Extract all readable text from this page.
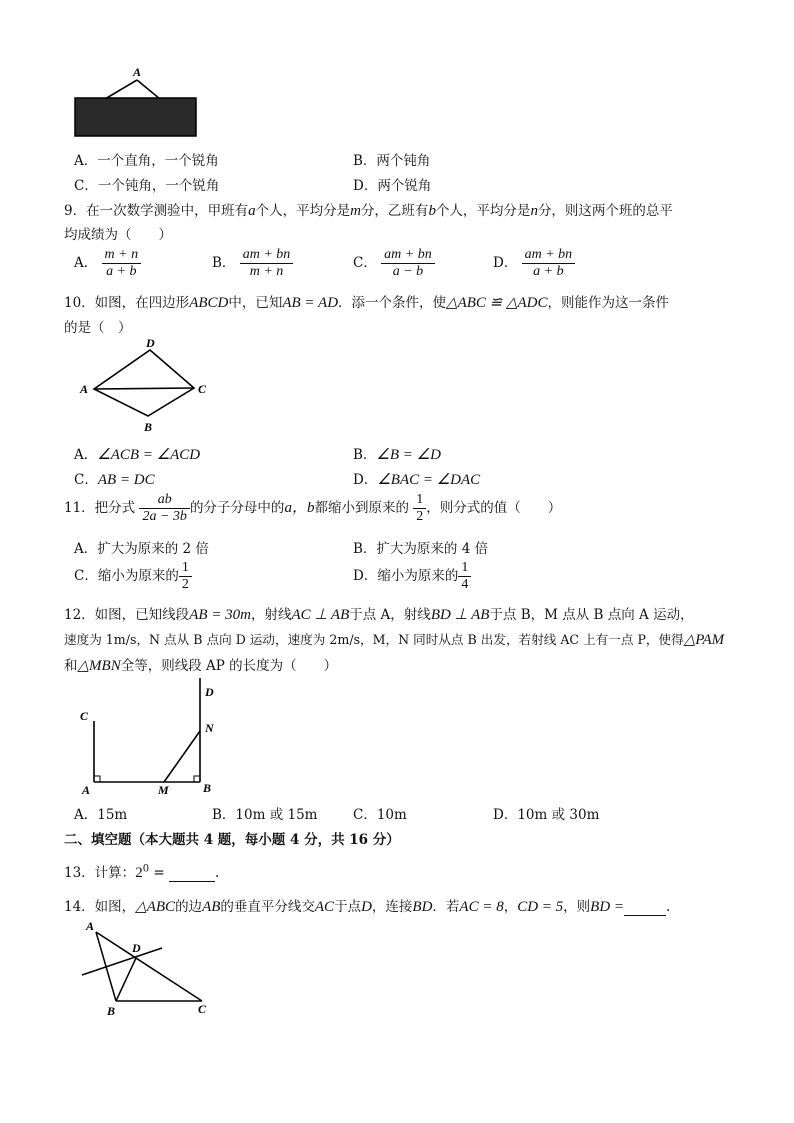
A
A．一个直角，一个锐角	B．两个钝角
C．一个钝角，一个锐角	D．两个锐角
9．在一次数学测验中，甲班有a个人，平均分是m分，乙班有b个人，平均分是n分，则这两个班的总平
均成绩为（　　）
A． $\frac{m + n}{a + b}$	B． $\frac{am + bn}{m + n}$	C． $\frac{am + bn}{a - b}$	D． $\frac{am + bn}{a + b}$
10．如图，在四边形ABCD中，已知AB = AD．添一个条件，使△ABC ≌ △ADC，则能作为这一条件
的是（　）
D
A	C
B
A．∠ACB = ∠ACD	B．∠B = ∠D
C．AB = DC	D．∠BAC = ∠DAC
11．把分式 $\frac{ab}{2a - 3b}$ 的分子分母中的a，b都缩小到原来的 $\frac{1}{2}$ ，则分式的值（　　）
A．扩大为原来的 2 倍	B．扩大为原来的 4 倍
C．缩小为原来的 $\frac{1}{2}$	D．缩小为原来的 $\frac{1}{4}$
12．如图，已知线段AB = 30m，射线AC ⊥ AB于点 A，射线BD ⊥ AB于点 B，M 点从 B 点向 A 运动，
速度为 1m/s，N 点从 B 点向 D 运动，速度为 2m/s，M，N 同时从点 B 出发，若射线 AC 上有一点 P，使得△PAM
和△MBN全等，则线段 AP 的长度为（　　）
C
D
N
A	M	B
A．15m	B．10m 或 15m	C．10m	D．10m 或 30m
二、填空题（本大题共 4 题，每小题 4 分，共 16 分）
13．计算：$2^0$ =	.
14．如图，△ABC的边AB的垂直平分线交AC于点D，连接BD．若AC = 8，CD = 5，则BD =	.
A
D
B	C
